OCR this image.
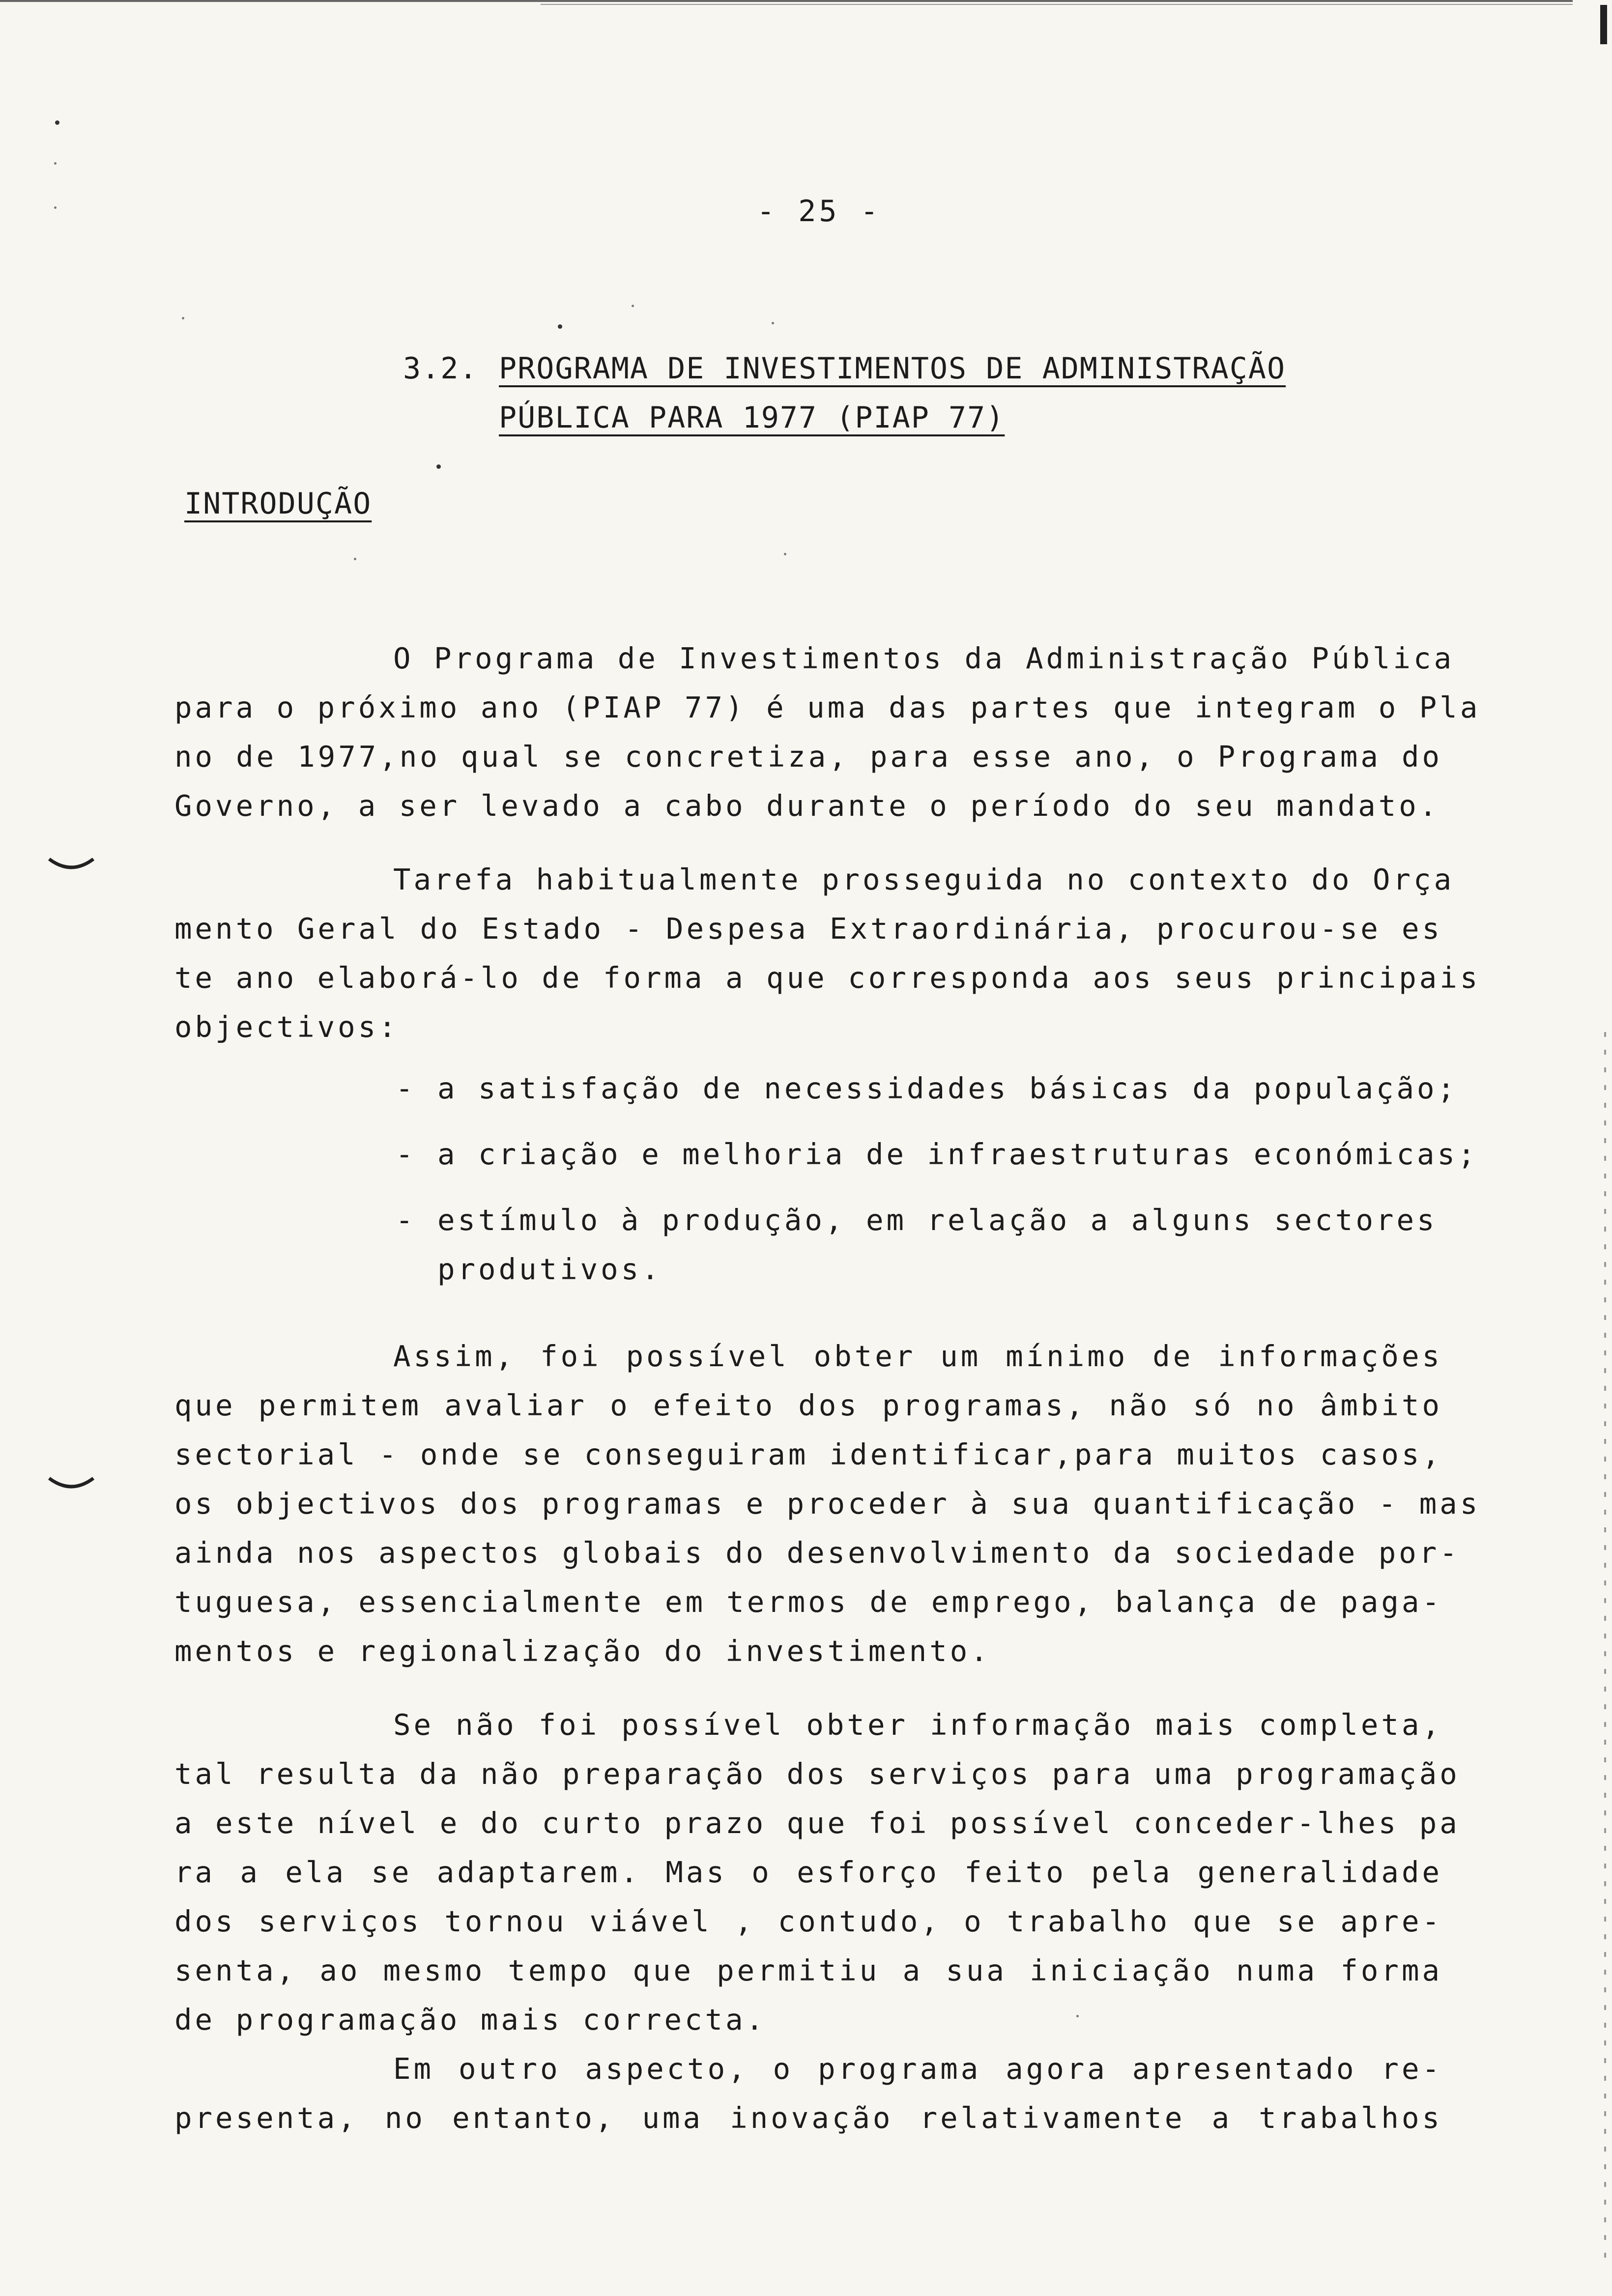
- 25 -
3.2. PROGRAMA DE INVESTIMENTOS DE ADMINISTRAÇÃO
PÚBLICA PARA 1977 (PIAP 77)
INTRODUÇÃO
O Programa de Investimentos da Administração Pública
para o próximo ano (PIAP 77) é uma das partes que integram o Pla
no de 1977,no qual se concretiza, para esse ano, o Programa do
Governo, a ser levado a cabo durante o período do seu mandato.
Tarefa habitualmente prosseguida no contexto do Orça
mento Geral do Estado - Despesa Extraordinária, procurou-se es
te ano elaborá-lo de forma a que corresponda aos seus principais
objectivos:
- a satisfação de necessidades básicas da população;
- a criação e melhoria de infraestruturas económicas;
- estímulo à produção, em relação a alguns sectores
produtivos.
Assim, foi possível obter um mínimo de informações
que permitem avaliar o efeito dos programas, não só no âmbito
sectorial - onde se conseguiram identificar,para muitos casos,
os objectivos dos programas e proceder à sua quantificação - mas
ainda nos aspectos globais do desenvolvimento da sociedade por-
tuguesa, essencialmente em termos de emprego, balança de paga-
mentos e regionalização do investimento.
Se não foi possível obter informação mais completa,
tal resulta da não preparação dos serviços para uma programação
a este nível e do curto prazo que foi possível conceder-lhes pa
ra a ela se adaptarem. Mas o esforço feito pela generalidade
dos serviços tornou viável , contudo, o trabalho que se apre-
senta, ao mesmo tempo que permitiu a sua iniciação numa forma
de programação mais correcta.
Em outro aspecto, o programa agora apresentado re-
presenta, no entanto, uma inovação relativamente a trabalhos
